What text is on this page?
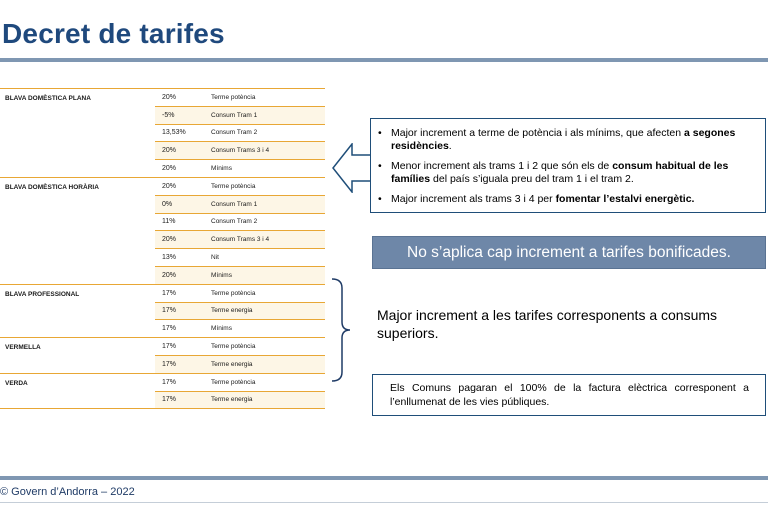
Decret de tarifes
BLAVA DOMÈSTICA PLANA	20%	Terme potència
-5%	Consum Tram 1
13,53%	Consum Tram 2
20%	Consum Trams 3 i 4
20%	Mínims
BLAVA DOMÈSTICA HORÀRIA	20%	Terme potència
0%	Consum Tram 1
11%	Consum Tram 2
20%	Consum Trams 3 i 4
13%	Nit
20%	Mínims
BLAVA PROFESSIONAL	17%	Terme potència
17%	Terme energia
17%	Mínims
VERMELLA	17%	Terme potència
17%	Terme energia
VERDA	17%	Terme potència
17%	Terme energia
• Major increment a terme de potència i als mínims, que afecten a segones residències.
• Menor increment als trams 1 i 2 que són els de consum habitual de les famílies del país s’iguala preu del tram 1 i el tram 2.
• Major increment als trams 3 i 4 per fomentar l’estalvi energètic.
No s’aplica cap increment a tarifes bonificades.

Major increment a les tarifes corresponents a consums superiors.

Els Comuns pagaran el 100% de la factura elèctrica corresponent a l’enllumenat de les vies públiques.
© Govern d’Andorra – 2022
